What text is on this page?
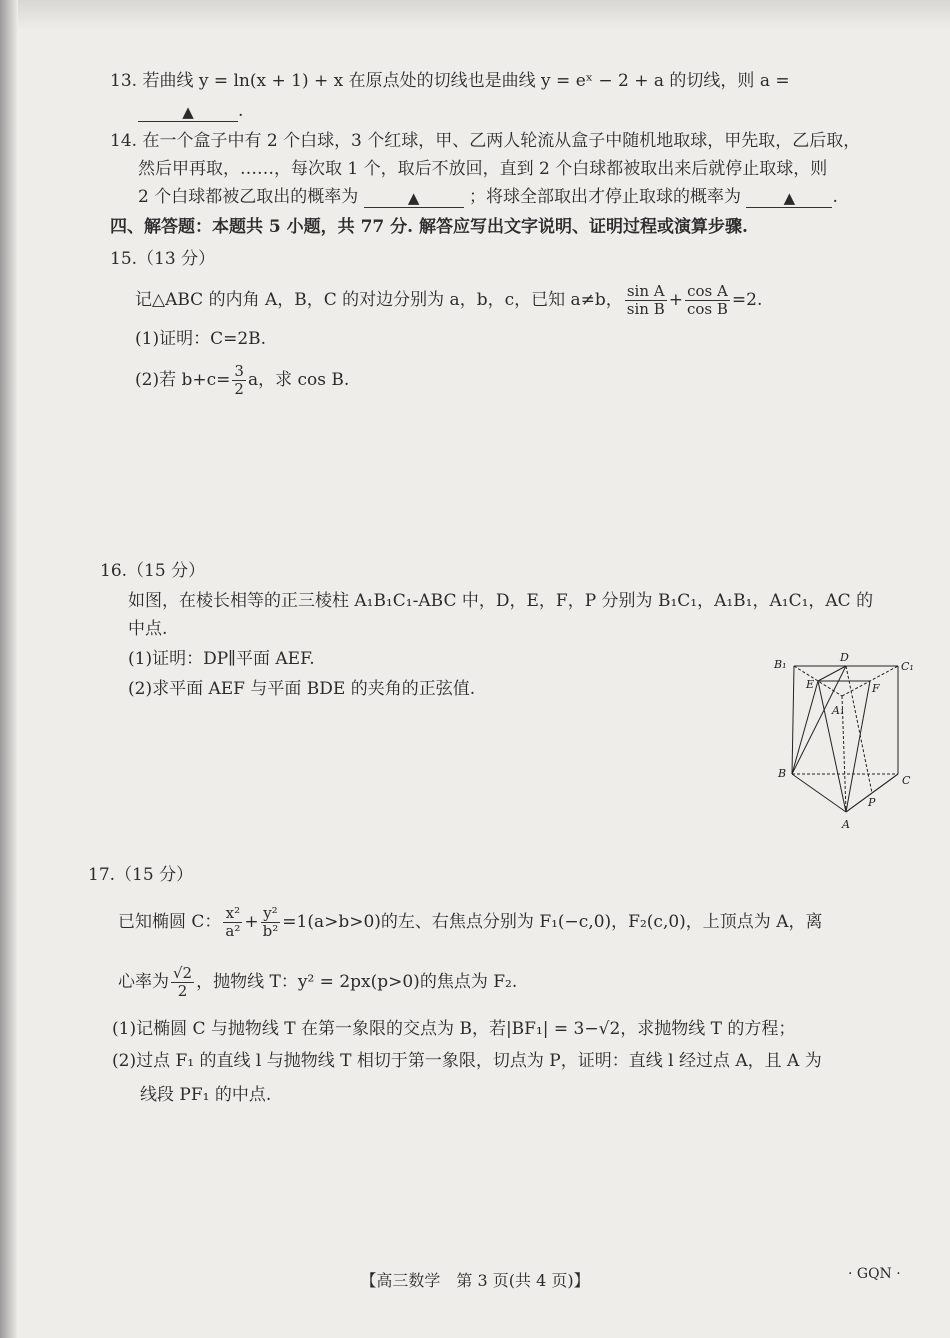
13. 若曲线 y = ln(x + 1) + x 在原点处的切线也是曲线 y = eˣ − 2 + a 的切线，则 a =
▲	.
14. 在一个盒子中有 2 个白球，3 个红球，甲、乙两人轮流从盒子中随机地取球，甲先取，乙后取，
然后甲再取，……，每次取 1 个，取后不放回，直到 2 个白球都被取出来后就停止取球，则
2 个白球都被乙取出的概率为	▲	；将球全部取出才停止取球的概率为	▲ .
四、解答题：本题共 5 小题，共 77 分. 解答应写出文字说明、证明过程或演算步骤.
15.（13 分）
记△ABC 的内角 A，B，C 的对边分别为 a，b，c，已知 a≠b， $\frac{\text{sin A}}{\text{sin B}} + \frac{\text{cos A}}{\text{cos B}} =2$.
(1)证明：C=2B.
(2)若 $b+c= \frac{3}{2}$ a，求 cos B.
16.（15 分）
如图，在棱长相等的正三棱柱 A₁B₁C₁-ABC 中，D，E，F，P 分别为 B₁C₁，A₁B₁，A₁C₁，AC 的
中点.
(1)证明：DP∥平面 AEF.
(2)求平面 AEF 与平面 BDE 的夹角的正弦值.
B₁
D
C₁
E	F
A₁
B
C
P
A
17.（15 分）
已知椭圆 C： $\frac{\text{x²}}{\text{a²}} + \frac{\text{y²}}{\text{b²}} =1(a>b>0)$的左、右焦点分别为 F₁(−c,0)，F₂(c,0)，上顶点为 A，离
心率为 $\frac{√2}{2}$ ，抛物线 T：y² = 2px(p>0)的焦点为 F₂.
(1)记椭圆 C 与抛物线 T 在第一象限的交点为 B，若|BF₁| = 3−√2，求抛物线 T 的方程；
(2)过点 F₁ 的直线 l 与抛物线 T 相切于第一象限，切点为 P，证明：直线 l 经过点 A，且 A 为
线段 PF₁ 的中点.
【高三数学　第 3 页(共 4 页)】	· GQN ·
